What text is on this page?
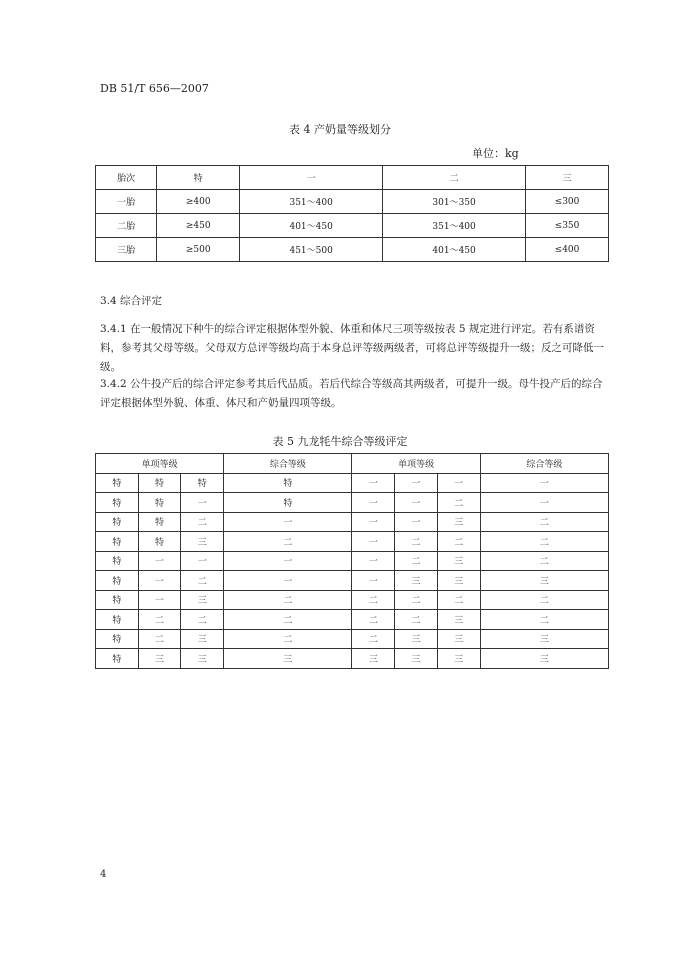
DB 51/T 656—2007
表 4 产奶量等级划分
单位：kg
胎次	特	一	二	三
一胎	≥400	351～400	301～350	≤300
二胎	≥450	401～450	351～400	≤350
三胎	≥500	451～500	401～450	≤400
3.4 综合评定
3.4.1 在一般情况下种牛的综合评定根据体型外貌、体重和体尺三项等级按表 5 规定进行评定。若有系谱资料，参考其父母等级。父母双方总评等级均高于本身总评等级两级者，可将总评等级提升一级；反之可降低一级。
3.4.2 公牛投产后的综合评定参考其后代品质。若后代综合等级高其两级者，可提升一级。母牛投产后的综合评定根据体型外貌、体重、体尺和产奶量四项等级。
表 5 九龙牦牛综合等级评定
单项等级			综合等级	单项等级			综合等级
特	特	特	特	一	一	一	一
特	特	一	特	一	一	二	一
特	特	二	一	一	一	三	二
特	特	三	二	一	二	二	二
特	一	一	一	一	二	三	二
特	一	二	一	一	三	三	三
特	一	三	二	二	二	二	二
特	二	二	二	二	二	三	二
特	二	三	二	二	三	三	三
特	三	三	三	三	三	三	三
4
